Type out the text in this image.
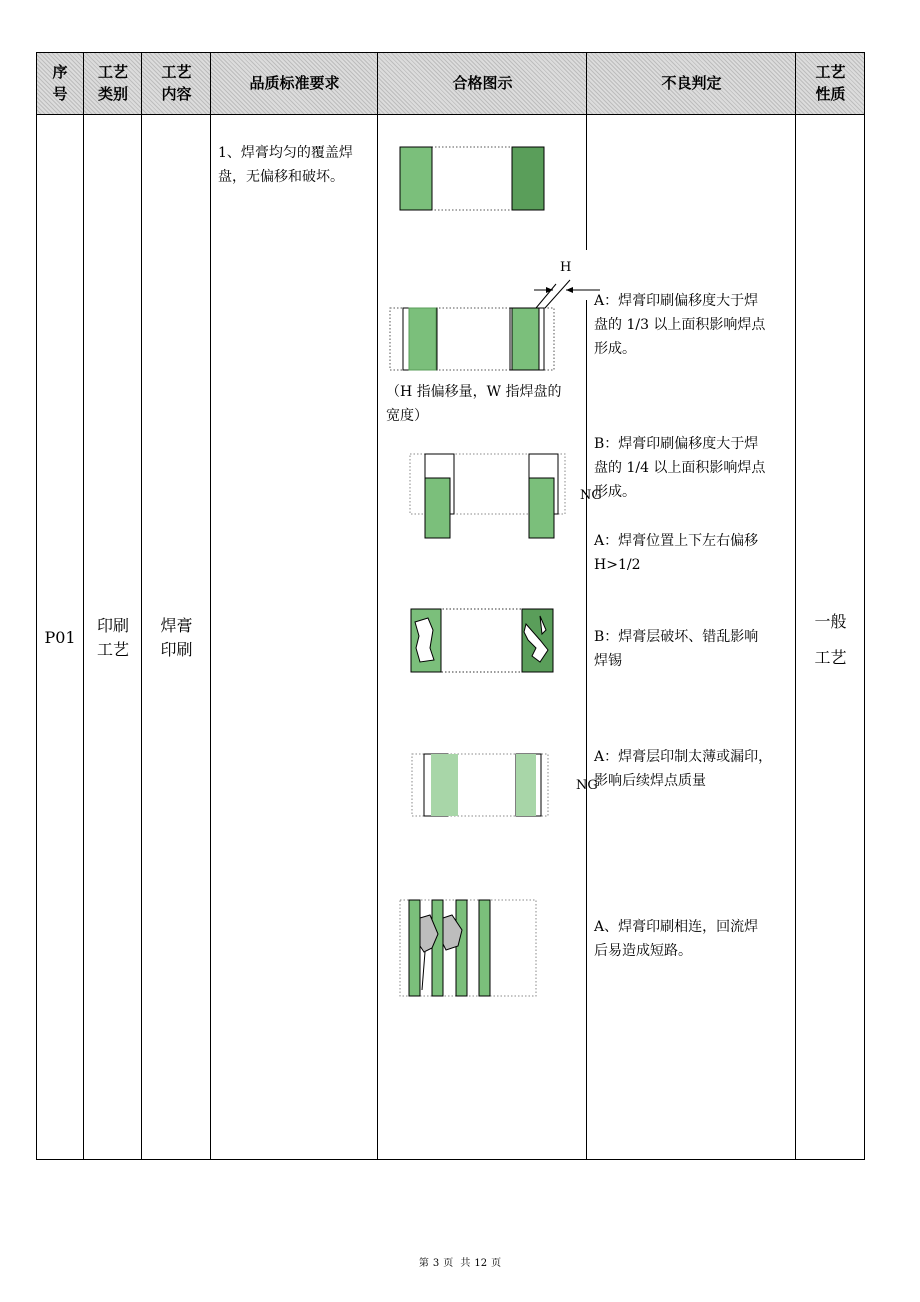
序
号
工艺
类别
工艺
内容
品质标准要求	合格图示	不良判定
工艺
性质
P01
印刷
工艺
焊膏
印刷
一般
工艺
1、焊膏均匀的覆盖焊
盘，无偏移和破坏。
A：焊膏印刷偏移度大于焊
盘的 1/3 以上面积影响焊点
形成。
B：焊膏印刷偏移度大于焊
盘的 1/4 以上面积影响焊点
形成。
A：焊膏位置上下左右偏移
H>1/2
B：焊膏层破坏、错乱影响
焊锡
A：焊膏层印制太薄或漏印，
影响后续焊点质量
A、焊膏印刷相连，回流焊
后易造成短路。
（H 指偏移量，W 指焊盘的
宽度）
H
NG
NG
第 3 页 共 12 页
